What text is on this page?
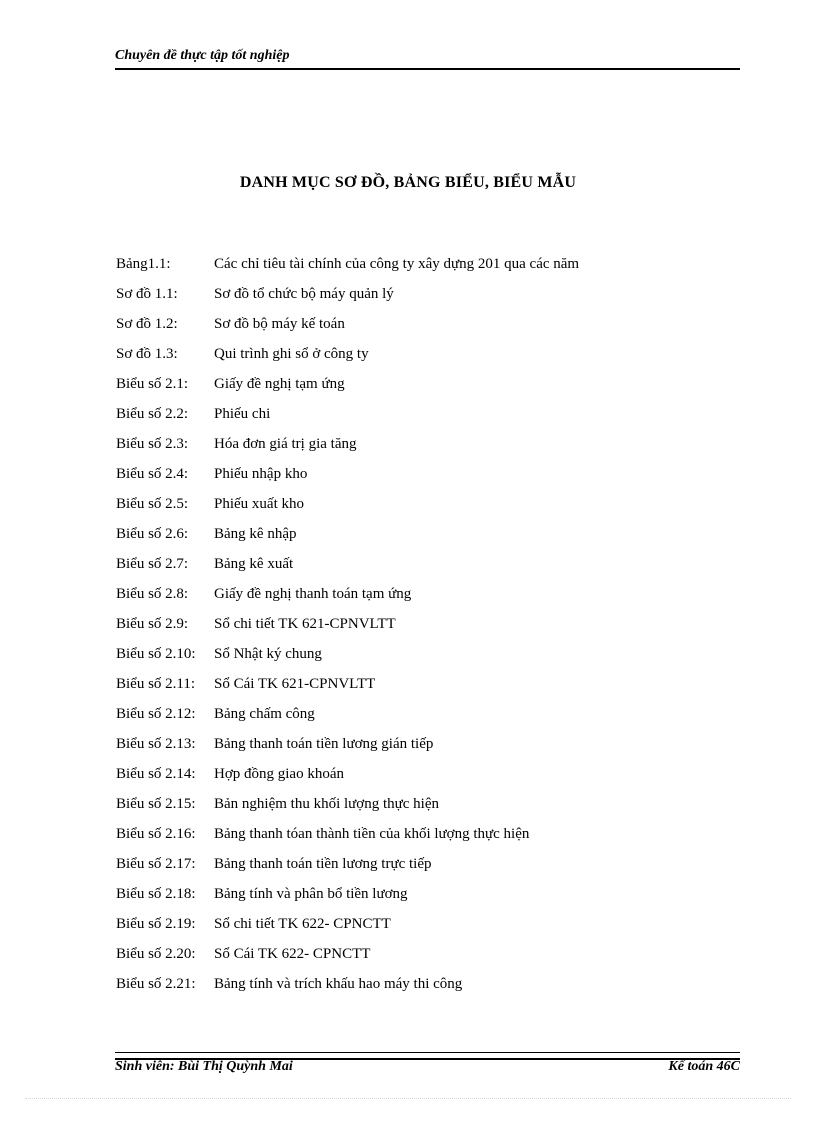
Chuyên đề thực tập tốt nghiệp
DANH MỤC SƠ ĐỒ, BẢNG BIỂU, BIỂU MẪU
Bảng1.1:	Các chỉ tiêu tài chính của công ty xây dựng 201 qua các năm
Sơ đồ 1.1:	Sơ đồ tổ chức bộ máy quản lý
Sơ đồ 1.2:	Sơ đồ bộ máy kế toán
Sơ đồ 1.3:	Qui trình ghi sổ ở công ty
Biểu số 2.1:	Giấy đề nghị tạm ứng
Biểu số 2.2:	Phiếu chi
Biểu số 2.3:	Hóa đơn giá trị gia tăng
Biểu số 2.4:	Phiếu nhập kho
Biểu số 2.5:	Phiếu xuất kho
Biểu số 2.6:	Bảng kê nhập
Biểu số 2.7:	Bảng kê xuất
Biểu số 2.8:	Giấy đề nghị thanh toán tạm ứng
Biểu số 2.9:	Sổ chi tiết TK 621-CPNVLTT
Biểu số 2.10:	Sổ Nhật ký chung
Biểu số 2.11:	Sổ Cái TK 621-CPNVLTT
Biểu số 2.12:	Bảng chấm công
Biểu số 2.13:	Bảng thanh toán tiền lương gián tiếp
Biểu số 2.14:	Hợp đồng giao khoán
Biểu số 2.15:	Bản nghiệm thu khối lượng thực hiện
Biểu số 2.16:	Bảng thanh tóan thành tiền của khối lượng thực hiện
Biểu số 2.17:	Bảng thanh toán tiền lương trực tiếp
Biểu số 2.18:	Bảng tính và phân bổ tiền lương
Biểu số 2.19:	Sổ chi tiết TK 622- CPNCTT
Biểu số 2.20:	Sổ Cái TK 622- CPNCTT
Biểu số 2.21:	Bảng tính và trích khấu hao máy thi công
Sinh viên: Bùi Thị Quỳnh Mai	Kế toán 46C
